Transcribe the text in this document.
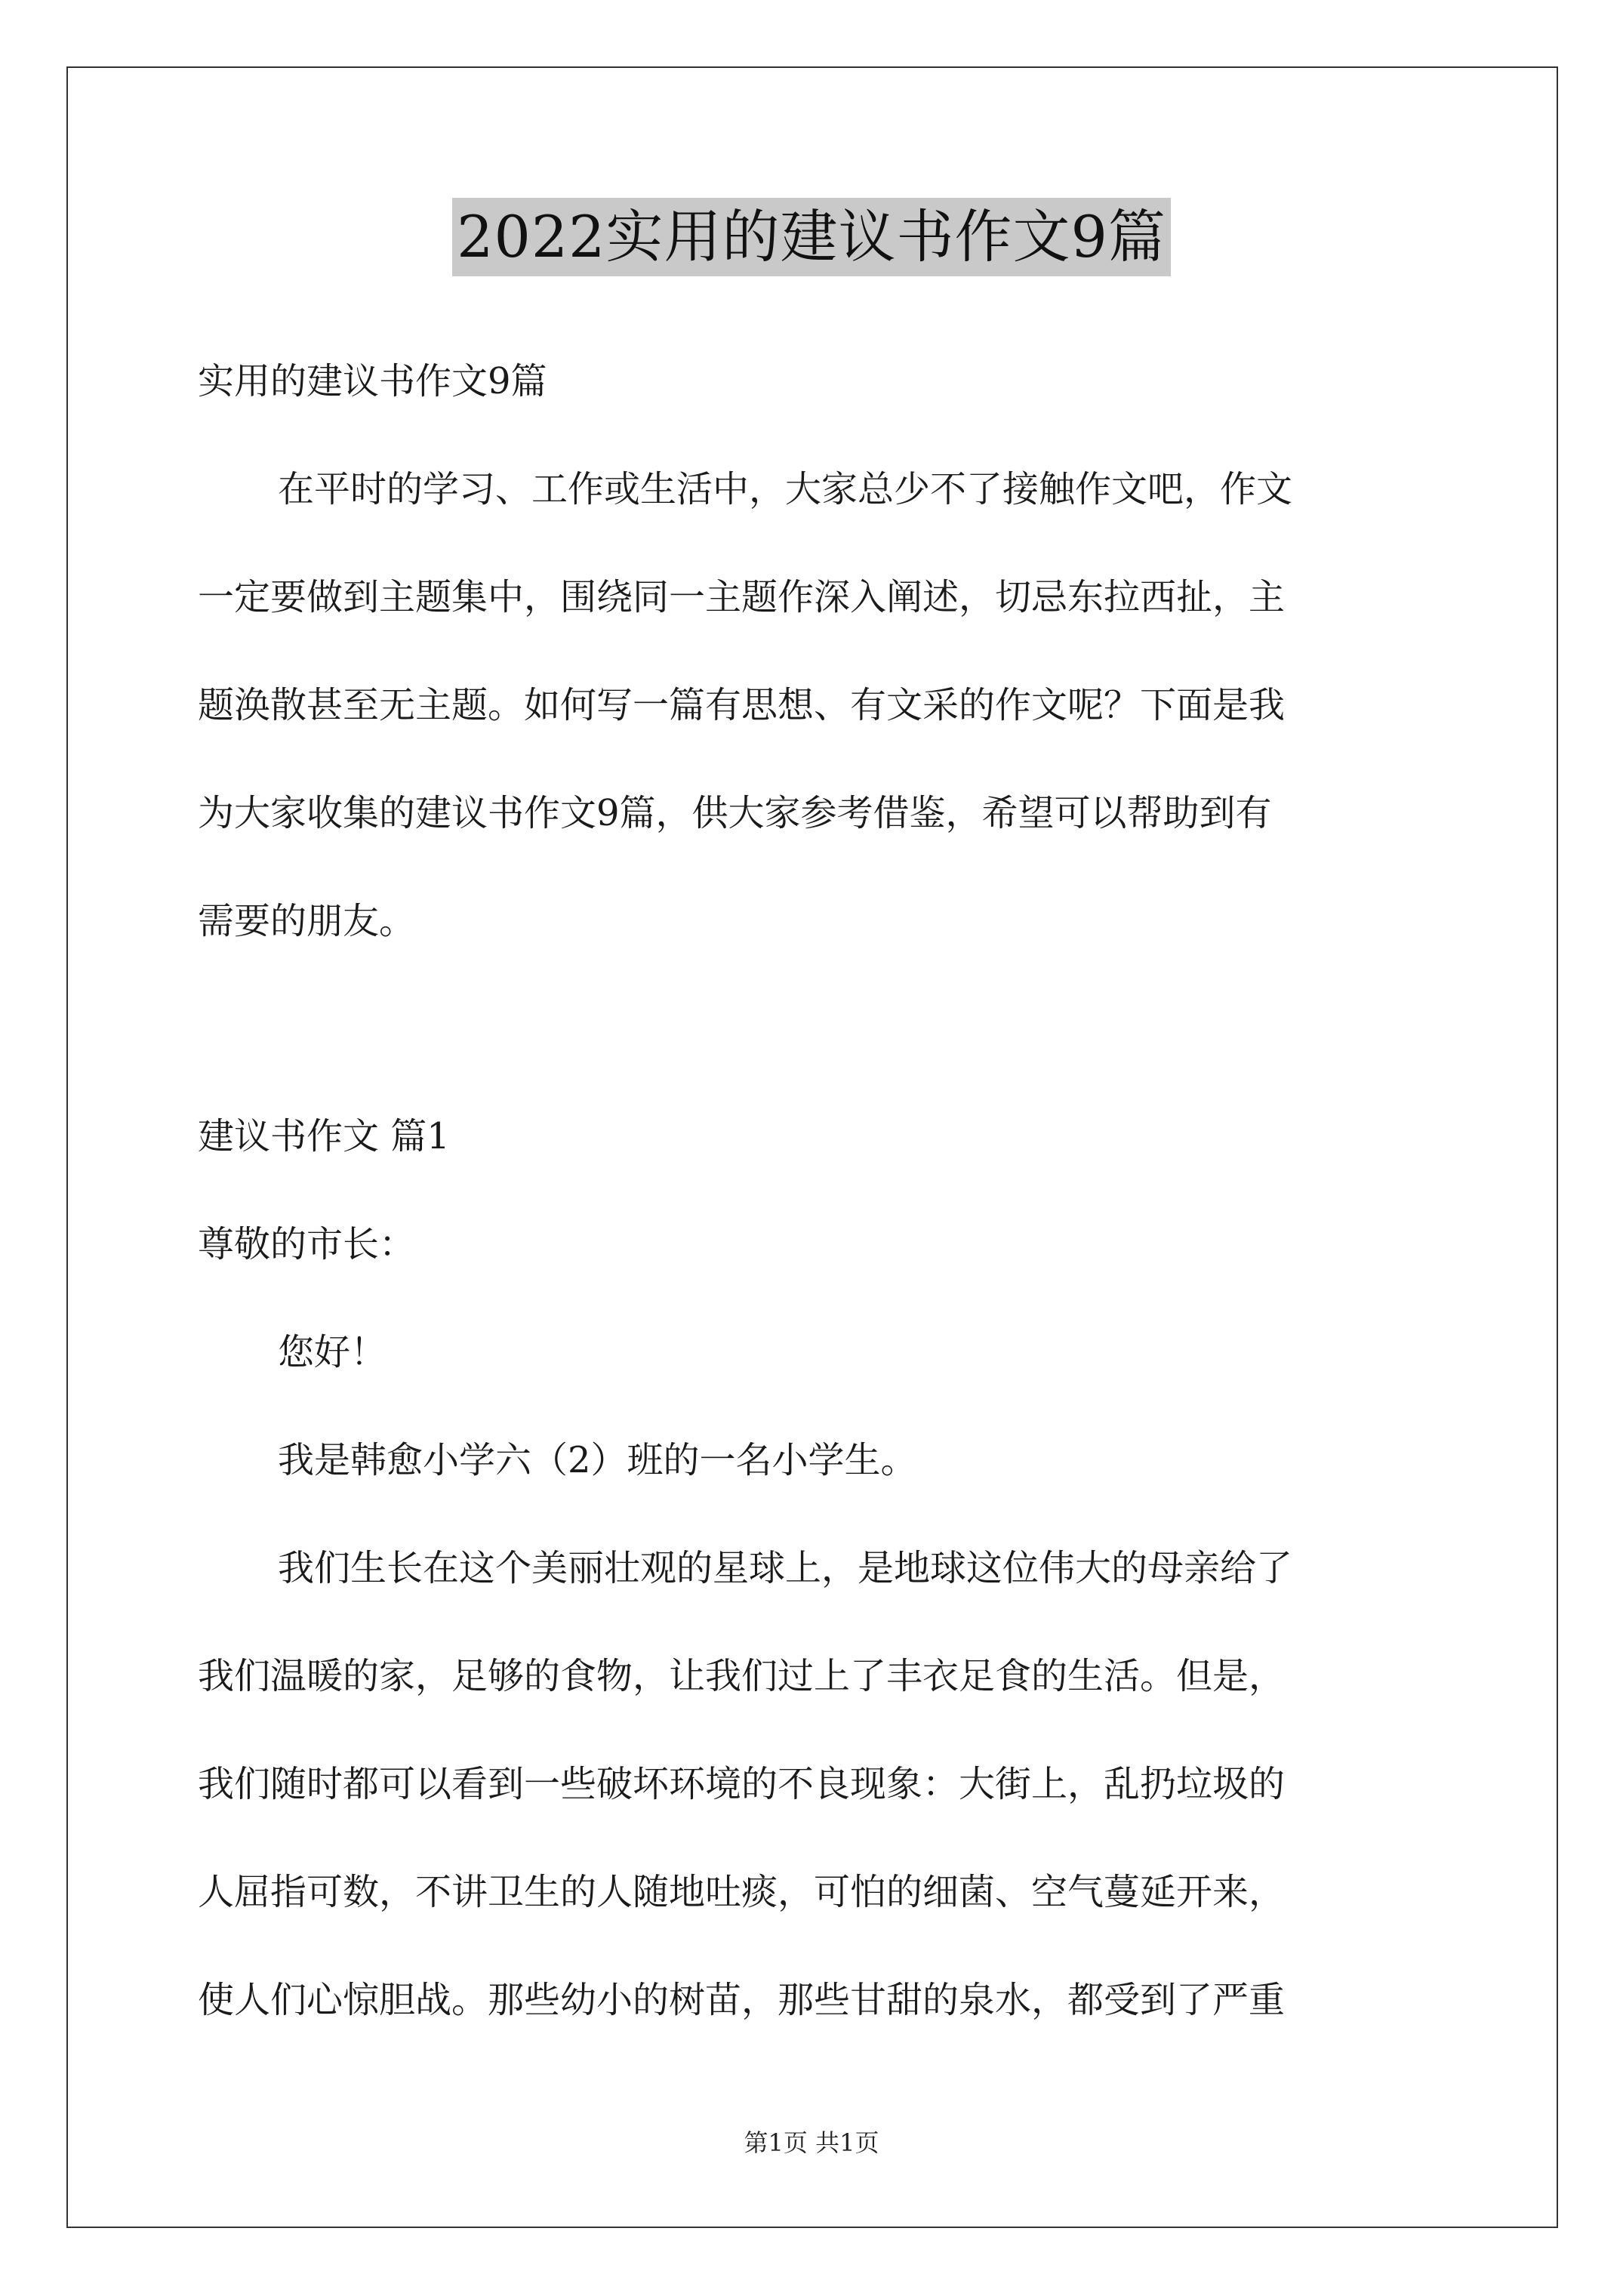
2022实用的建议书作文9篇
实用的建议书作文9篇
在平时的学习、工作或生活中，大家总少不了接触作文吧，作文
一定要做到主题集中，围绕同一主题作深入阐述，切忌东拉西扯，主
题涣散甚至无主题。如何写一篇有思想、有文采的作文呢？下面是我
为大家收集的建议书作文9篇，供大家参考借鉴，希望可以帮助到有
需要的朋友。
建议书作文 篇1
尊敬的市长：
您好！
我是韩愈小学六（2）班的一名小学生。
我们生长在这个美丽壮观的星球上，是地球这位伟大的母亲给了
我们温暖的家，足够的食物，让我们过上了丰衣足食的生活。但是，
我们随时都可以看到一些破坏环境的不良现象：大街上，乱扔垃圾的
人屈指可数，不讲卫生的人随地吐痰，可怕的细菌、空气蔓延开来，
使人们心惊胆战。那些幼小的树苗，那些甘甜的泉水，都受到了严重
第1页 共1页
